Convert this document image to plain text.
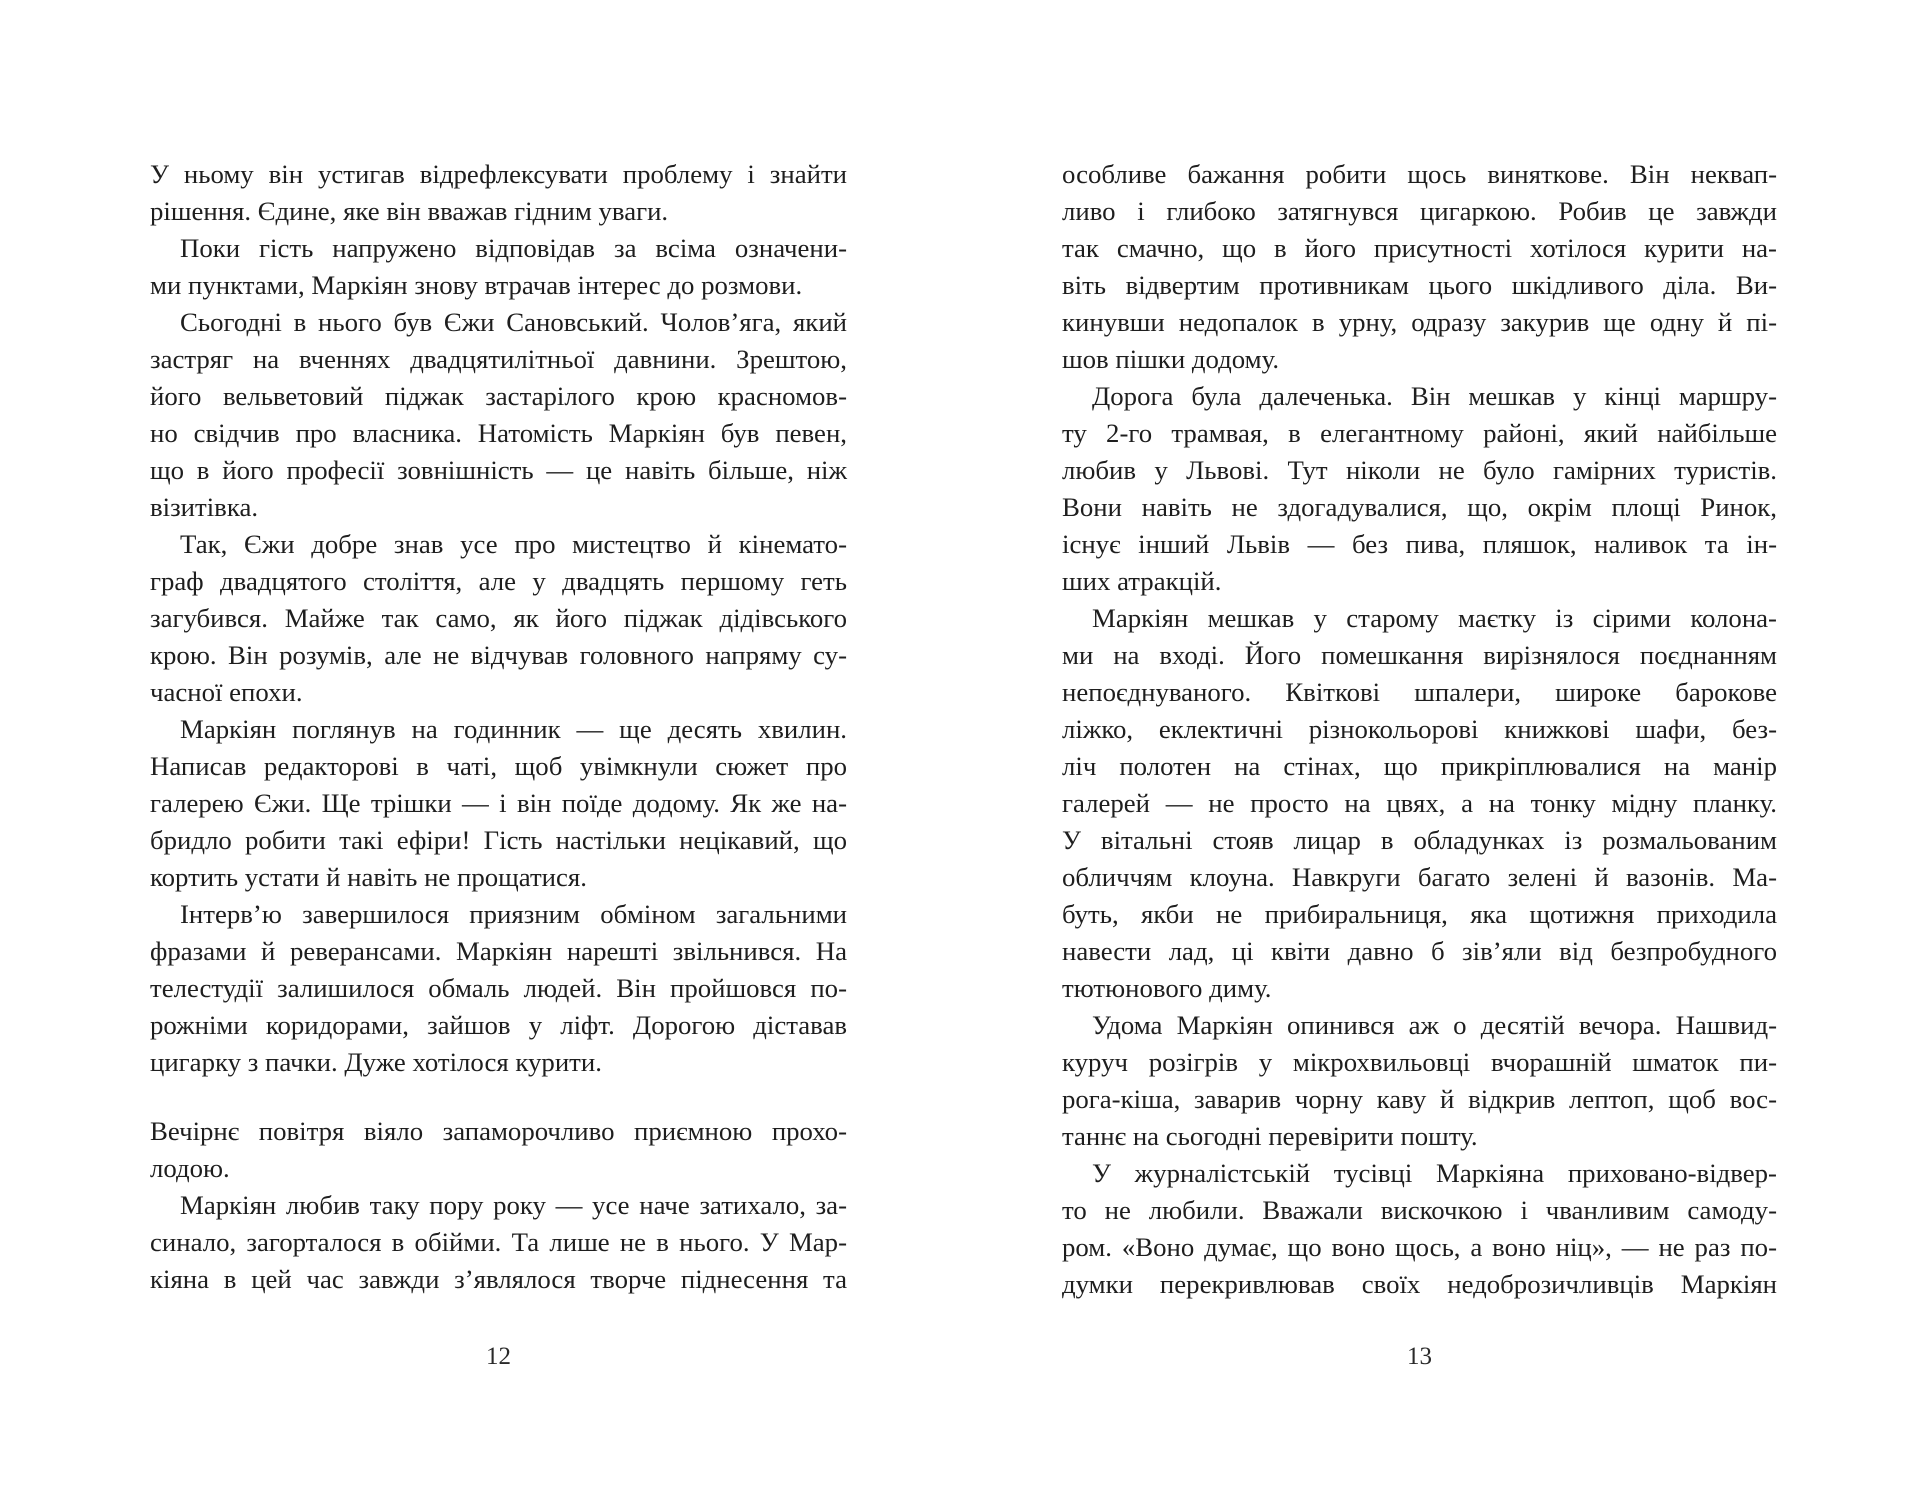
У ньому він устигав відрефлексувати проблему і знайти
рішення. Єдине, яке він вважав гідним уваги.
Поки гість напружено відповідав за всіма означени-
ми пунктами, Маркіян знову втрачав інтерес до розмови.
Сьогодні в нього був Єжи Сановський. Чолов’яга, який
застряг на вченнях двадцятилітньої давнини. Зрештою,
його вельветовий піджак застарілого крою красномов-
но свідчив про власника. Натомість Маркіян був певен,
що в його професії зовнішність — це навіть більше, ніж
візитівка.
Так, Єжи добре знав усе про мистецтво й кінемато-
граф двадцятого століття, але у двадцять першому геть
загубився. Майже так само, як його піджак дідівського
крою. Він розумів, але не відчував головного напряму су-
часної епохи.
Маркіян поглянув на годинник — ще десять хвилин.
Написав редакторові в чаті, щоб увімкнули сюжет про
галерею Єжи. Ще трішки — і він поїде додому. Як же на-
бридло робити такі ефіри! Гість настільки нецікавий, що
кортить устати й навіть не прощатися.
Інтерв’ю завершилося приязним обміном загальними
фразами й реверансами. Маркіян нарешті звільнився. На
телестудії залишилося обмаль людей. Він пройшовся по-
рожніми коридорами, зайшов у ліфт. Дорогою діставав
цигарку з пачки. Дуже хотілося курити.
Вечірнє повітря віяло запаморочливо приємною прохо-
лодою.
Маркіян любив таку пору року — усе наче затихало, за-
синало, загорталося в обійми. Та лише не в нього. У Мар-
кіяна в цей час завжди з’являлося творче піднесення та
12
особливе бажання робити щось виняткове. Він неквап-
ливо і глибоко затягнувся цигаркою. Робив це завжди
так смачно, що в його присутності хотілося курити на-
віть відвертим противникам цього шкідливого діла. Ви-
кинувши недопалок в урну, одразу закурив ще одну й пі-
шов пішки додому.
Дорога була далеченька. Він мешкав у кінці маршру-
ту 2-го трамвая, в елегантному районі, який найбільше
любив у Львові. Тут ніколи не було гамірних туристів.
Вони навіть не здогадувалися, що, окрім площі Ринок,
існує інший Львів — без пива, пляшок, наливок та ін-
ших атракцій.
Маркіян мешкав у старому маєтку із сірими колона-
ми на вході. Його помешкання вирізнялося поєднанням
непоєднуваного. Квіткові шпалери, широке барокове
ліжко, еклектичні різнокольорові книжкові шафи, без-
ліч полотен на стінах, що прикріплювалися на манір
галерей — не просто на цвях, а на тонку мідну планку.
У вітальні стояв лицар в обладунках із розмальованим
обличчям клоуна. Навкруги багато зелені й вазонів. Ма-
буть, якби не прибиральниця, яка щотижня приходила
навести лад, ці квіти давно б зів’яли від безпробудного
тютюнового диму.
Удома Маркіян опинився аж о десятій вечора. Нашвид-
куруч розігрів у мікрохвильовці вчорашній шматок пи-
рога-кіша, заварив чорну каву й відкрив лептоп, щоб вос-
таннє на сьогодні перевірити пошту.
У журналістській тусівці Маркіяна приховано-відвер-
то не любили. Вважали вискочкою і чванливим самоду-
ром. «Воно думає, що воно щось, а воно ніц», — не раз по-
думки перекривлював своїх недоброзичливців Маркіян
13
